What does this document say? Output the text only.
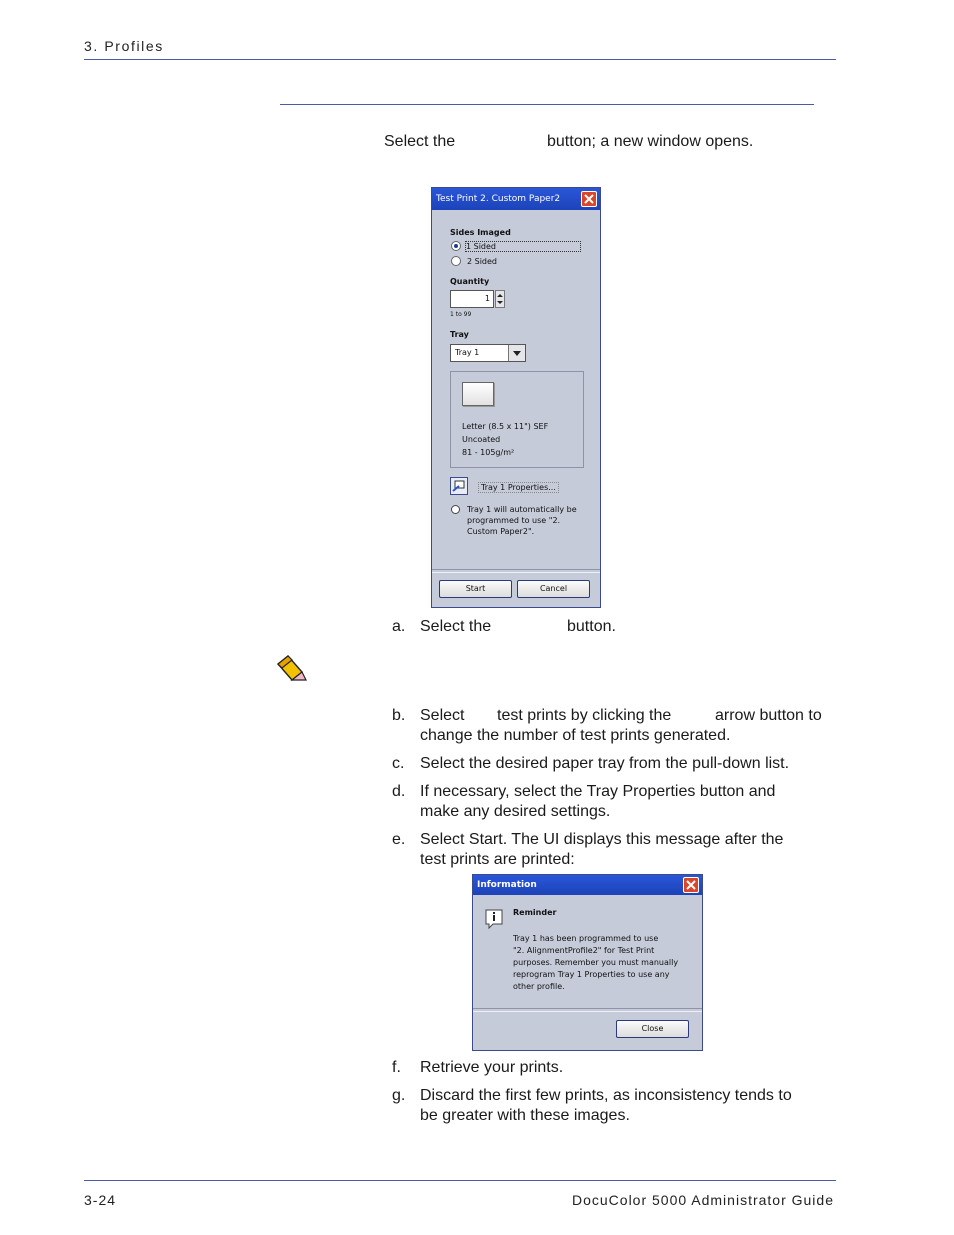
3. Profiles
Select the	button; a new window opens.
Test Print 2. Custom Paper2
Sides Imaged
1 Sided
2 Sided
Quantity
1
1 to 99
Tray
Tray 1
Letter (8.5 x 11") SEF
Uncoated
81 - 105g/m²
Tray 1 Properties...
Tray 1 will automatically be
programmed to use "2.
Custom Paper2".
Start	Cancel
a. Select the	button.
b. Select test prints by clicking the	arrow button to
change the number of test prints generated.
c. Select the desired paper tray from the pull-down list.
d. If necessary, select the Tray Properties button and
make any desired settings.
e. Select Start. The UI displays this message after the
test prints are printed:
Information
Reminder
Tray 1 has been programmed to use
"2. AlignmentProfile2" for Test Print
purposes. Remember you must manually
reprogram Tray 1 Properties to use any
other profile.
Close
f. Retrieve your prints.
g. Discard the first few prints, as inconsistency tends to
be greater with these images.
3-24	DocuColor 5000 Administrator Guide
